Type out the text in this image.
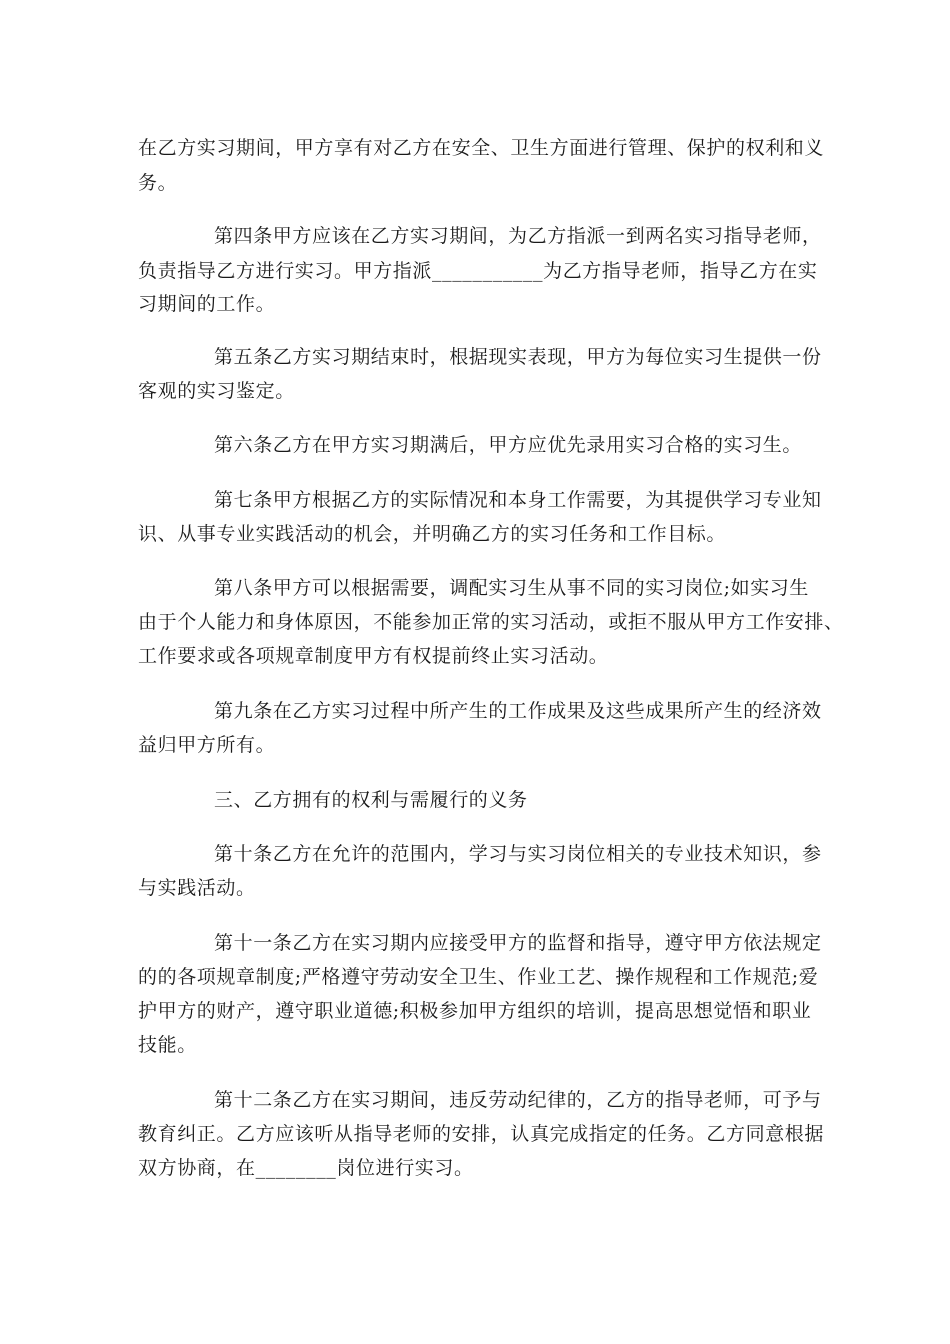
在乙方实习期间，甲方享有对乙方在安全、卫生方面进行管理、保护的权利和义
务。
第四条甲方应该在乙方实习期间，为乙方指派一到两名实习指导老师，
负责指导乙方进行实习。甲方指派___________为乙方指导老师，指导乙方在实
习期间的工作。
第五条乙方实习期结束时，根据现实表现，甲方为每位实习生提供一份
客观的实习鉴定。
第六条乙方在甲方实习期满后，甲方应优先录用实习合格的实习生。
第七条甲方根据乙方的实际情况和本身工作需要，为其提供学习专业知
识、从事专业实践活动的机会，并明确乙方的实习任务和工作目标。
第八条甲方可以根据需要，调配实习生从事不同的实习岗位;如实习生
由于个人能力和身体原因，不能参加正常的实习活动，或拒不服从甲方工作安排、
工作要求或各项规章制度甲方有权提前终止实习活动。
第九条在乙方实习过程中所产生的工作成果及这些成果所产生的经济效
益归甲方所有。
三、乙方拥有的权利与需履行的义务
第十条乙方在允许的范围内，学习与实习岗位相关的专业技术知识，参
与实践活动。
第十一条乙方在实习期内应接受甲方的监督和指导，遵守甲方依法规定
的的各项规章制度;严格遵守劳动安全卫生、作业工艺、操作规程和工作规范;爱
护甲方的财产，遵守职业道德;积极参加甲方组织的培训，提高思想觉悟和职业
技能。
第十二条乙方在实习期间，违反劳动纪律的，乙方的指导老师，可予与
教育纠正。乙方应该听从指导老师的安排，认真完成指定的任务。乙方同意根据
双方协商，在________岗位进行实习。
